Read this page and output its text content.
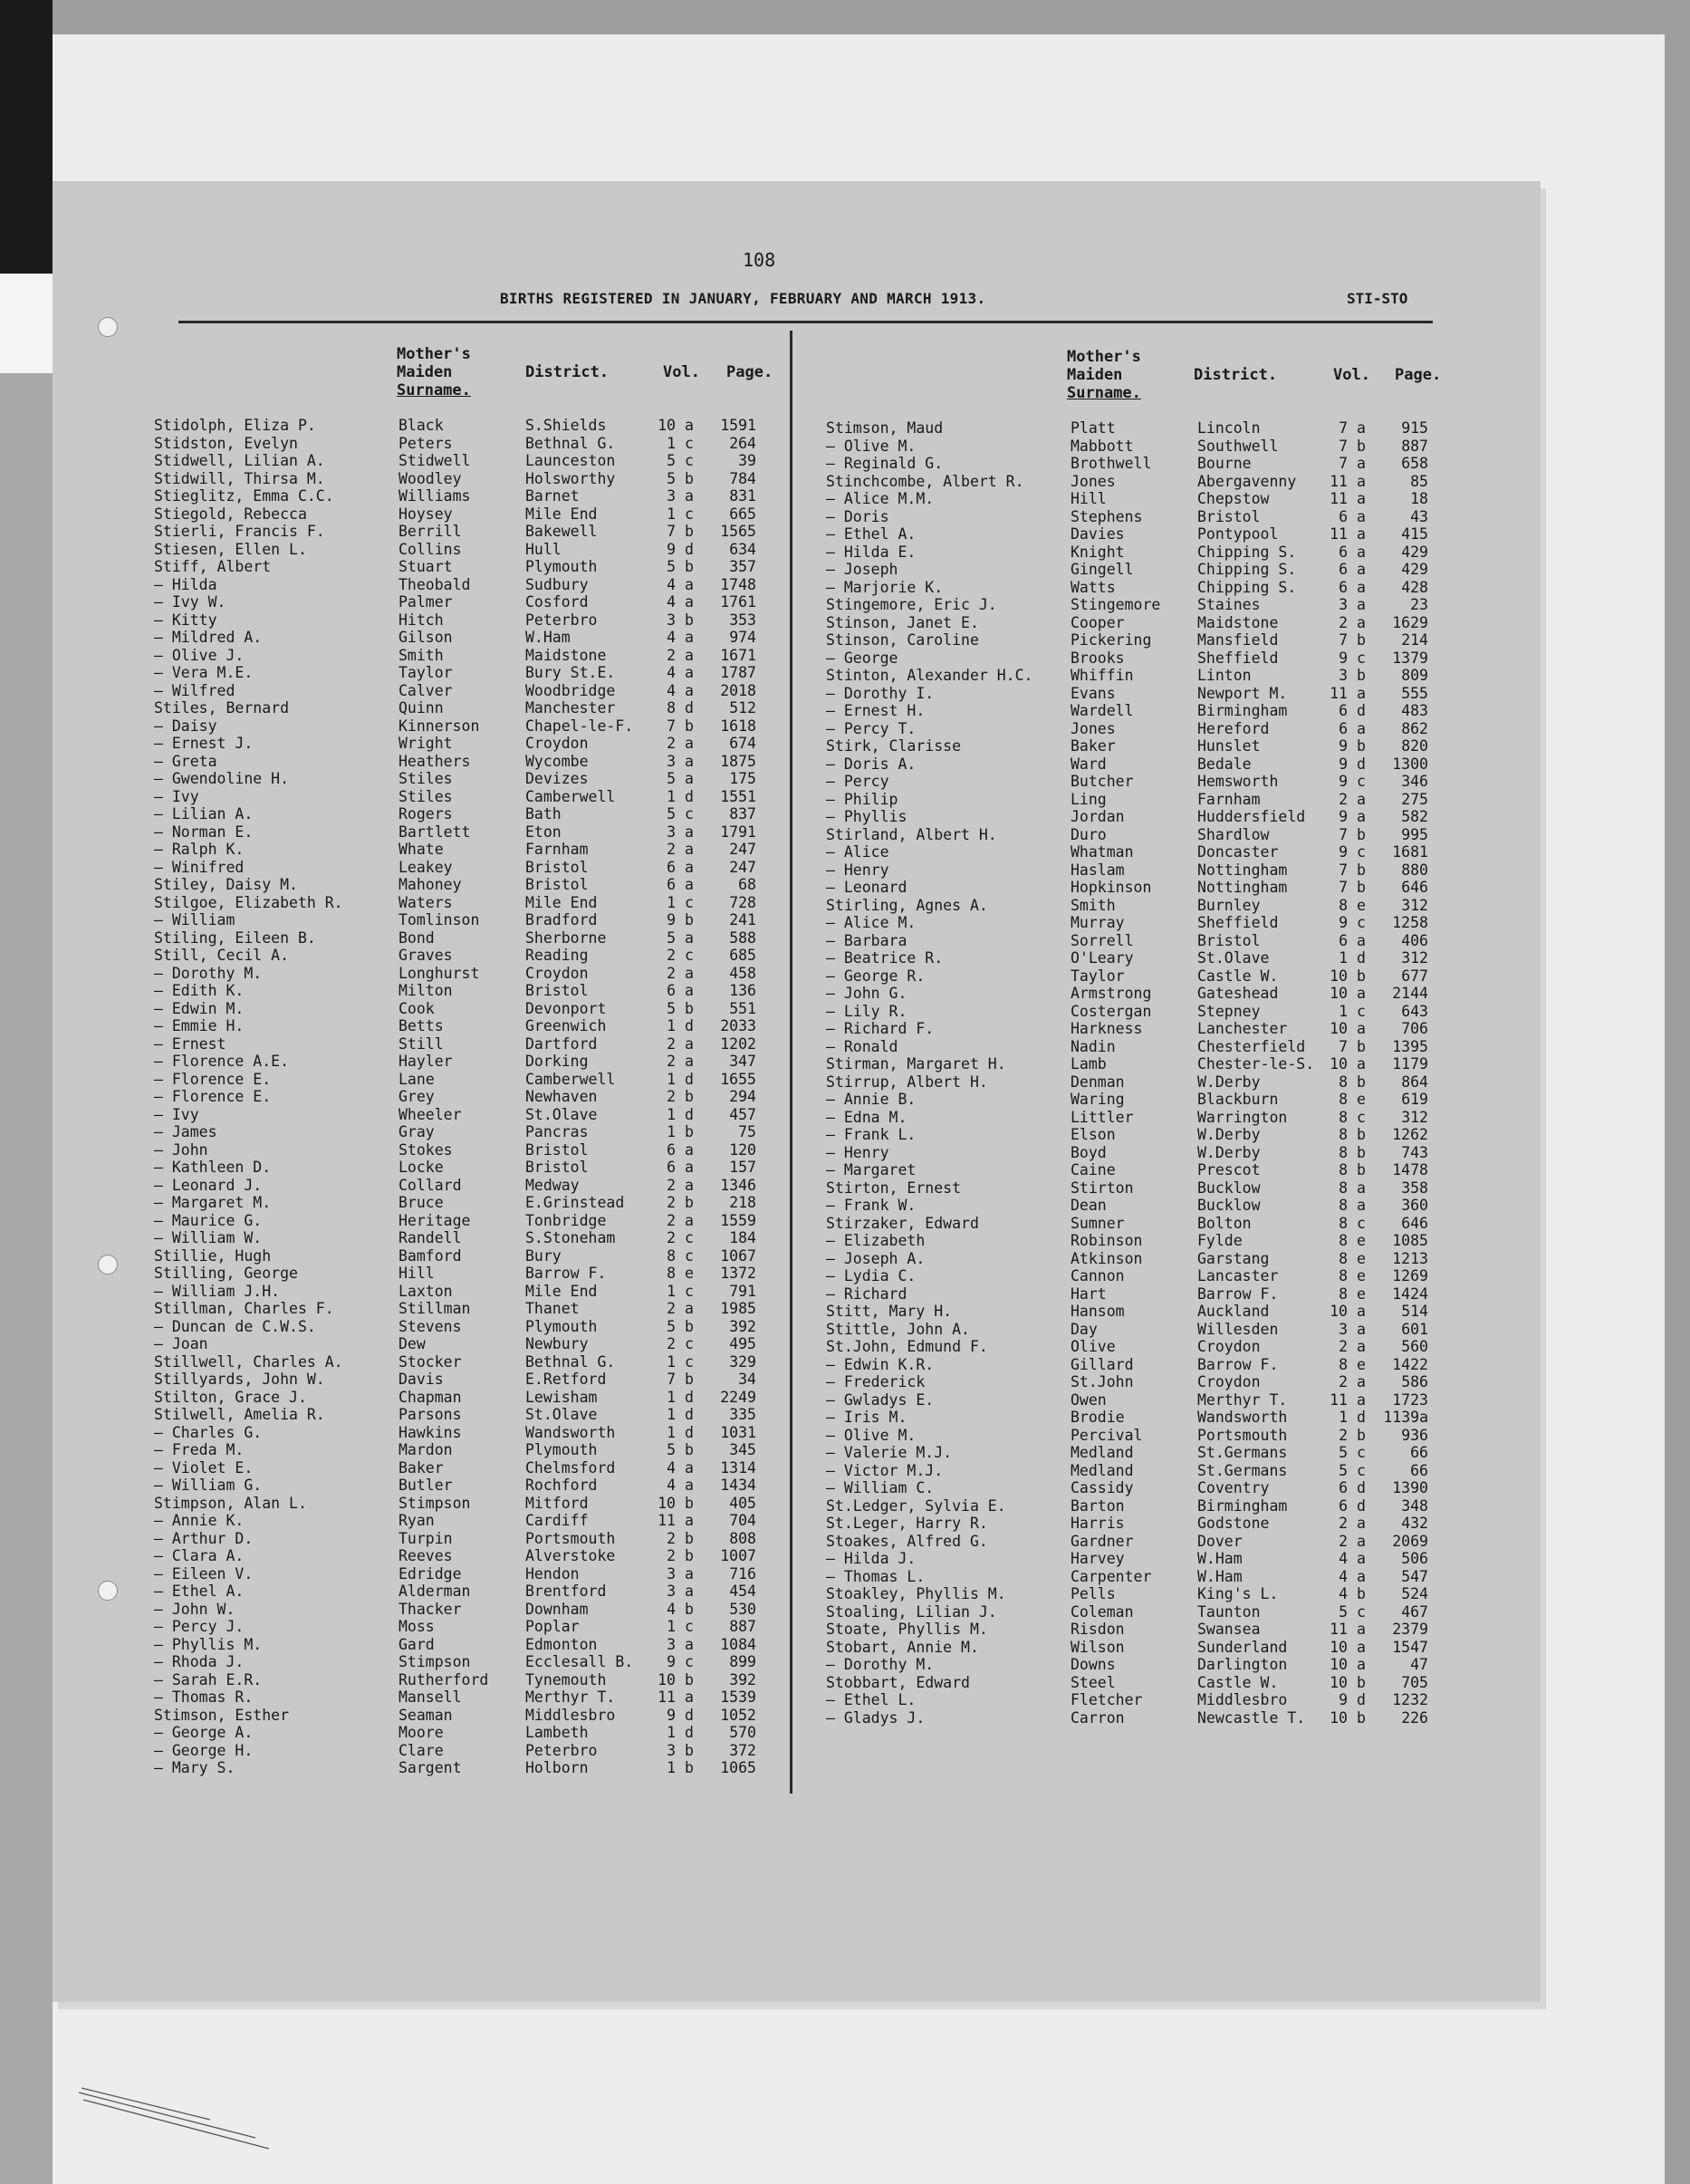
108
BIRTHS REGISTERED IN JANUARY, FEBRUARY AND MARCH 1913.	STI-STO
Mother's
Maiden
Surname.
District.	Vol. Page.
Mother's
Maiden
Surname.
District.	Vol. Page.
Stidolph, Eliza P.	Black	S.Shields	10 a	1591
Stidston, Evelyn	Peters	Bethnal G.	1 c	264
Stidwell, Lilian A.	Stidwell	Launceston	5 c	39
Stidwill, Thirsa M.	Woodley	Holsworthy	5 b	784
Stieglitz, Emma C.C.	Williams	Barnet	3 a	831
Stiegold, Rebecca	Hoysey	Mile End	1 c	665
Stierli, Francis F.	Berrill	Bakewell	7 b	1565
Stiesen, Ellen L.	Collins	Hull	9 d	634
Stiff, Albert	Stuart	Plymouth	5 b	357
— Hilda	Theobald	Sudbury	4 a	1748
— Ivy W.	Palmer	Cosford	4 a	1761
— Kitty	Hitch	Peterbro	3 b	353
— Mildred A.	Gilson	W.Ham	4 a	974
— Olive J.	Smith	Maidstone	2 a	1671
— Vera M.E.	Taylor	Bury St.E.	4 a	1787
— Wilfred	Calver	Woodbridge	4 a	2018
Stiles, Bernard	Quinn	Manchester	8 d	512
— Daisy	Kinnerson	Chapel-le-F.	7 b	1618
— Ernest J.	Wright	Croydon	2 a	674
— Greta	Heathers	Wycombe	3 a	1875
— Gwendoline H.	Stiles	Devizes	5 a	175
— Ivy	Stiles	Camberwell	1 d	1551
— Lilian A.	Rogers	Bath	5 c	837
— Norman E.	Bartlett	Eton	3 a	1791
— Ralph K.	Whate	Farnham	2 a	247
— Winifred	Leakey	Bristol	6 a	247
Stiley, Daisy M.	Mahoney	Bristol	6 a	68
Stilgoe, Elizabeth R.	Waters	Mile End	1 c	728
— William	Tomlinson	Bradford	9 b	241
Stiling, Eileen B.	Bond	Sherborne	5 a	588
Still, Cecil A.	Graves	Reading	2 c	685
— Dorothy M.	Longhurst	Croydon	2 a	458
— Edith K.	Milton	Bristol	6 a	136
— Edwin M.	Cook	Devonport	5 b	551
— Emmie H.	Betts	Greenwich	1 d	2033
— Ernest	Still	Dartford	2 a	1202
— Florence A.E.	Hayler	Dorking	2 a	347
— Florence E.	Lane	Camberwell	1 d	1655
— Florence E.	Grey	Newhaven	2 b	294
— Ivy	Wheeler	St.Olave	1 d	457
— James	Gray	Pancras	1 b	75
— John	Stokes	Bristol	6 a	120
— Kathleen D.	Locke	Bristol	6 a	157
— Leonard J.	Collard	Medway	2 a	1346
— Margaret M.	Bruce	E.Grinstead	2 b	218
— Maurice G.	Heritage	Tonbridge	2 a	1559
— William W.	Randell	S.Stoneham	2 c	184
Stillie, Hugh	Bamford	Bury	8 c	1067
Stilling, George	Hill	Barrow F.	8 e	1372
— William J.H.	Laxton	Mile End	1 c	791
Stillman, Charles F.	Stillman	Thanet	2 a	1985
— Duncan de C.W.S.	Stevens	Plymouth	5 b	392
— Joan	Dew	Newbury	2 c	495
Stillwell, Charles A.	Stocker	Bethnal G.	1 c	329
Stillyards, John W.	Davis	E.Retford	7 b	34
Stilton, Grace J.	Chapman	Lewisham	1 d	2249
Stilwell, Amelia R.	Parsons	St.Olave	1 d	335
— Charles G.	Hawkins	Wandsworth	1 d	1031
— Freda M.	Mardon	Plymouth	5 b	345
— Violet E.	Baker	Chelmsford	4 a	1314
— William G.	Butler	Rochford	4 a	1434
Stimpson, Alan L.	Stimpson	Mitford	10 b	405
— Annie K.	Ryan	Cardiff	11 a	704
— Arthur D.	Turpin	Portsmouth	2 b	808
— Clara A.	Reeves	Alverstoke	2 b	1007
— Eileen V.	Edridge	Hendon	3 a	716
— Ethel A.	Alderman	Brentford	3 a	454
— John W.	Thacker	Downham	4 b	530
— Percy J.	Moss	Poplar	1 c	887
— Phyllis M.	Gard	Edmonton	3 a	1084
— Rhoda J.	Stimpson	Ecclesall B.	9 c	899
— Sarah E.R.	Rutherford Tynemouth	10 b	392
— Thomas R.	Mansell	Merthyr T.	11 a	1539
Stimson, Esther	Seaman	Middlesbro	9 d	1052
— George A.	Moore	Lambeth	1 d	570
— George H.	Clare	Peterbro	3 b	372
— Mary S.	Sargent	Holborn	1 b	1065
Stimson, Maud	Platt	Lincoln	7 a	915
— Olive M.	Mabbott	Southwell	7 b	887
— Reginald G.	Brothwell	Bourne	7 a	658
Stinchcombe, Albert R.	Jones	Abergavenny 11 a	85
— Alice M.M.	Hill	Chepstow	11 a	18
— Doris	Stephens	Bristol	6 a	43
— Ethel A.	Davies	Pontypool	11 a	415
— Hilda E.	Knight	Chipping S.	6 a	429
— Joseph	Gingell	Chipping S.	6 a	429
— Marjorie K.	Watts	Chipping S.	6 a	428
Stingemore, Eric J.	Stingemore Staines	3 a	23
Stinson, Janet E.	Cooper	Maidstone	2 a	1629
Stinson, Caroline	Pickering	Mansfield	7 b	214
— George	Brooks	Sheffield	9 c	1379
Stinton, Alexander H.C.	Whiffin	Linton	3 b	809
— Dorothy I.	Evans	Newport M.	11 a	555
— Ernest H.	Wardell	Birmingham	6 d	483
— Percy T.	Jones	Hereford	6 a	862
Stirk, Clarisse	Baker	Hunslet	9 b	820
— Doris A.	Ward	Bedale	9 d	1300
— Percy	Butcher	Hemsworth	9 c	346
— Philip	Ling	Farnham	2 a	275
— Phyllis	Jordan	Huddersfield	9 a	582
Stirland, Albert H.	Duro	Shardlow	7 b	995
— Alice	Whatman	Doncaster	9 c	1681
— Henry	Haslam	Nottingham	7 b	880
— Leonard	Hopkinson	Nottingham	7 b	646
Stirling, Agnes A.	Smith	Burnley	8 e	312
— Alice M.	Murray	Sheffield	9 c	1258
— Barbara	Sorrell	Bristol	6 a	406
— Beatrice R.	O'Leary	St.Olave	1 d	312
— George R.	Taylor	Castle W.	10 b	677
— John G.	Armstrong	Gateshead	10 a	2144
— Lily R.	Costergan	Stepney	1 c	643
— Richard F.	Harkness	Lanchester	10 a	706
— Ronald	Nadin	Chesterfield	7 b	1395
Stirman, Margaret H.	Lamb	Chester-le-S. 10 a	1179
Stirrup, Albert H.	Denman	W.Derby	8 b	864
— Annie B.	Waring	Blackburn	8 e	619
— Edna M.	Littler	Warrington	8 c	312
— Frank L.	Elson	W.Derby	8 b	1262
— Henry	Boyd	W.Derby	8 b	743
— Margaret	Caine	Prescot	8 b	1478
Stirton, Ernest	Stirton	Bucklow	8 a	358
— Frank W.	Dean	Bucklow	8 a	360
Stirzaker, Edward	Sumner	Bolton	8 c	646
— Elizabeth	Robinson	Fylde	8 e	1085
— Joseph A.	Atkinson	Garstang	8 e	1213
— Lydia C.	Cannon	Lancaster	8 e	1269
— Richard	Hart	Barrow F.	8 e	1424
Stitt, Mary H.	Hansom	Auckland	10 a	514
Stittle, John A.	Day	Willesden	3 a	601
St.John, Edmund F.	Olive	Croydon	2 a	560
— Edwin K.R.	Gillard	Barrow F.	8 e	1422
— Frederick	St.John	Croydon	2 a	586
— Gwladys E.	Owen	Merthyr T.	11 a	1723
— Iris M.	Brodie	Wandsworth	1 d	1139a
— Olive M.	Percival	Portsmouth	2 b	936
— Valerie M.J.	Medland	St.Germans	5 c	66
— Victor M.J.	Medland	St.Germans	5 c	66
— William C.	Cassidy	Coventry	6 d	1390
St.Ledger, Sylvia E.	Barton	Birmingham	6 d	348
St.Leger, Harry R.	Harris	Godstone	2 a	432
Stoakes, Alfred G.	Gardner	Dover	2 a	2069
— Hilda J.	Harvey	W.Ham	4 a	506
— Thomas L.	Carpenter	W.Ham	4 a	547
Stoakley, Phyllis M.	Pells	King's L.	4 b	524
Stoaling, Lilian J.	Coleman	Taunton	5 c	467
Stoate, Phyllis M.	Risdon	Swansea	11 a	2379
Stobart, Annie M.	Wilson	Sunderland	10 a	1547
— Dorothy M.	Downs	Darlington	10 a	47
Stobbart, Edward	Steel	Castle W.	10 b	705
— Ethel L.	Fletcher	Middlesbro	9 d	1232
— Gladys J.	Carron	Newcastle T. 10 b	226
